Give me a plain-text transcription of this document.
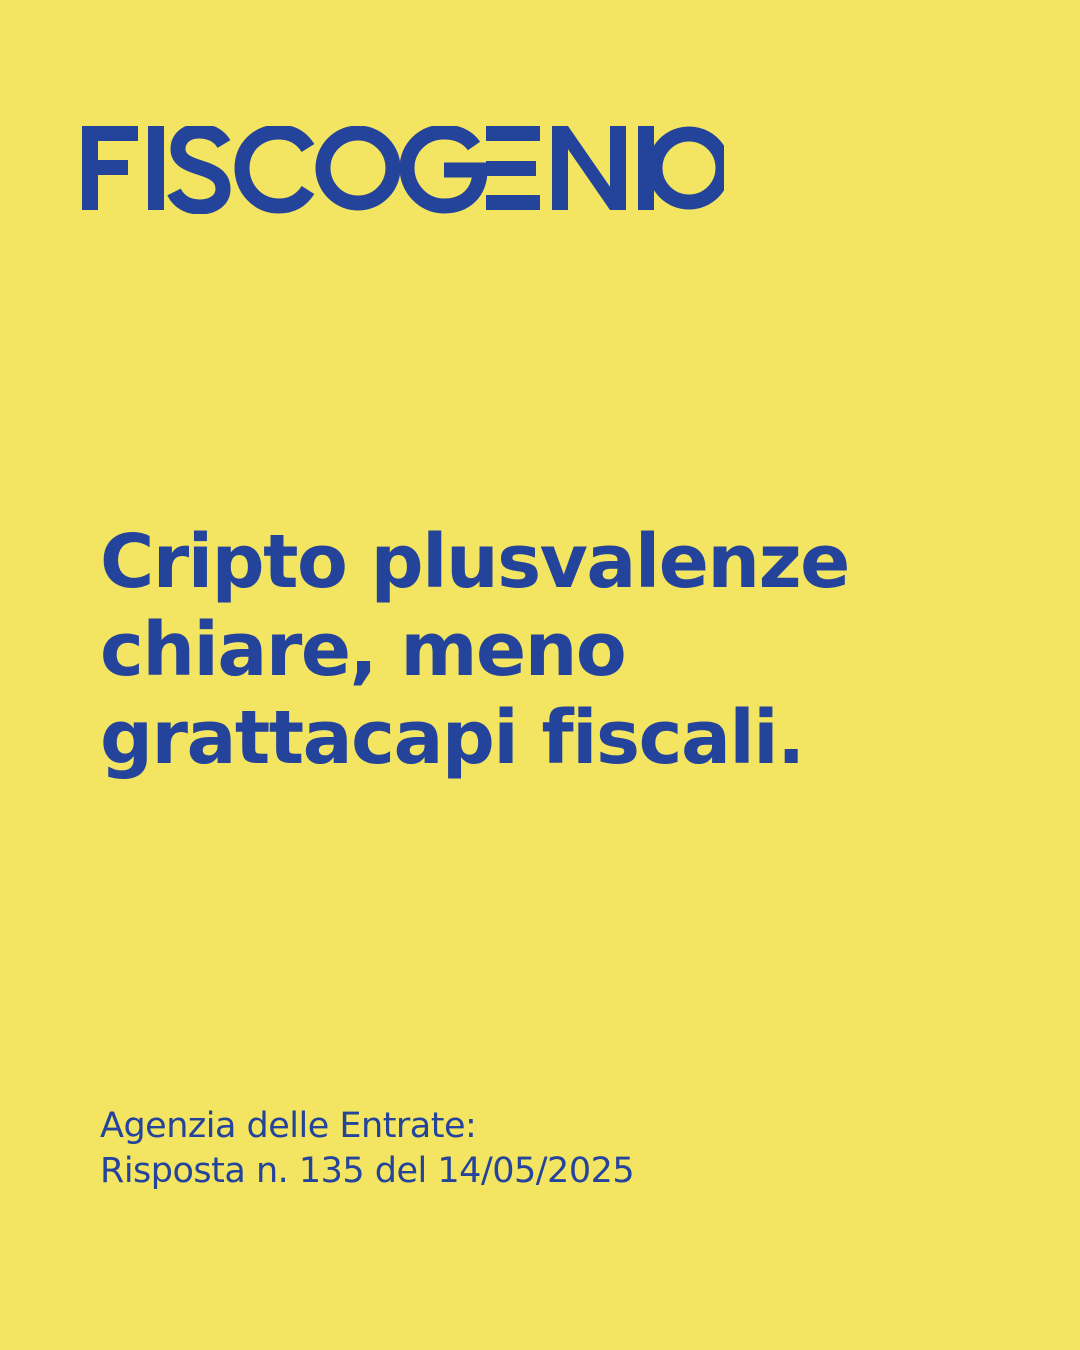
Cripto plusvalenze
chiare, meno
grattacapi fiscali.
Agenzia delle Entrate:
Risposta n. 135 del 14/05/2025
